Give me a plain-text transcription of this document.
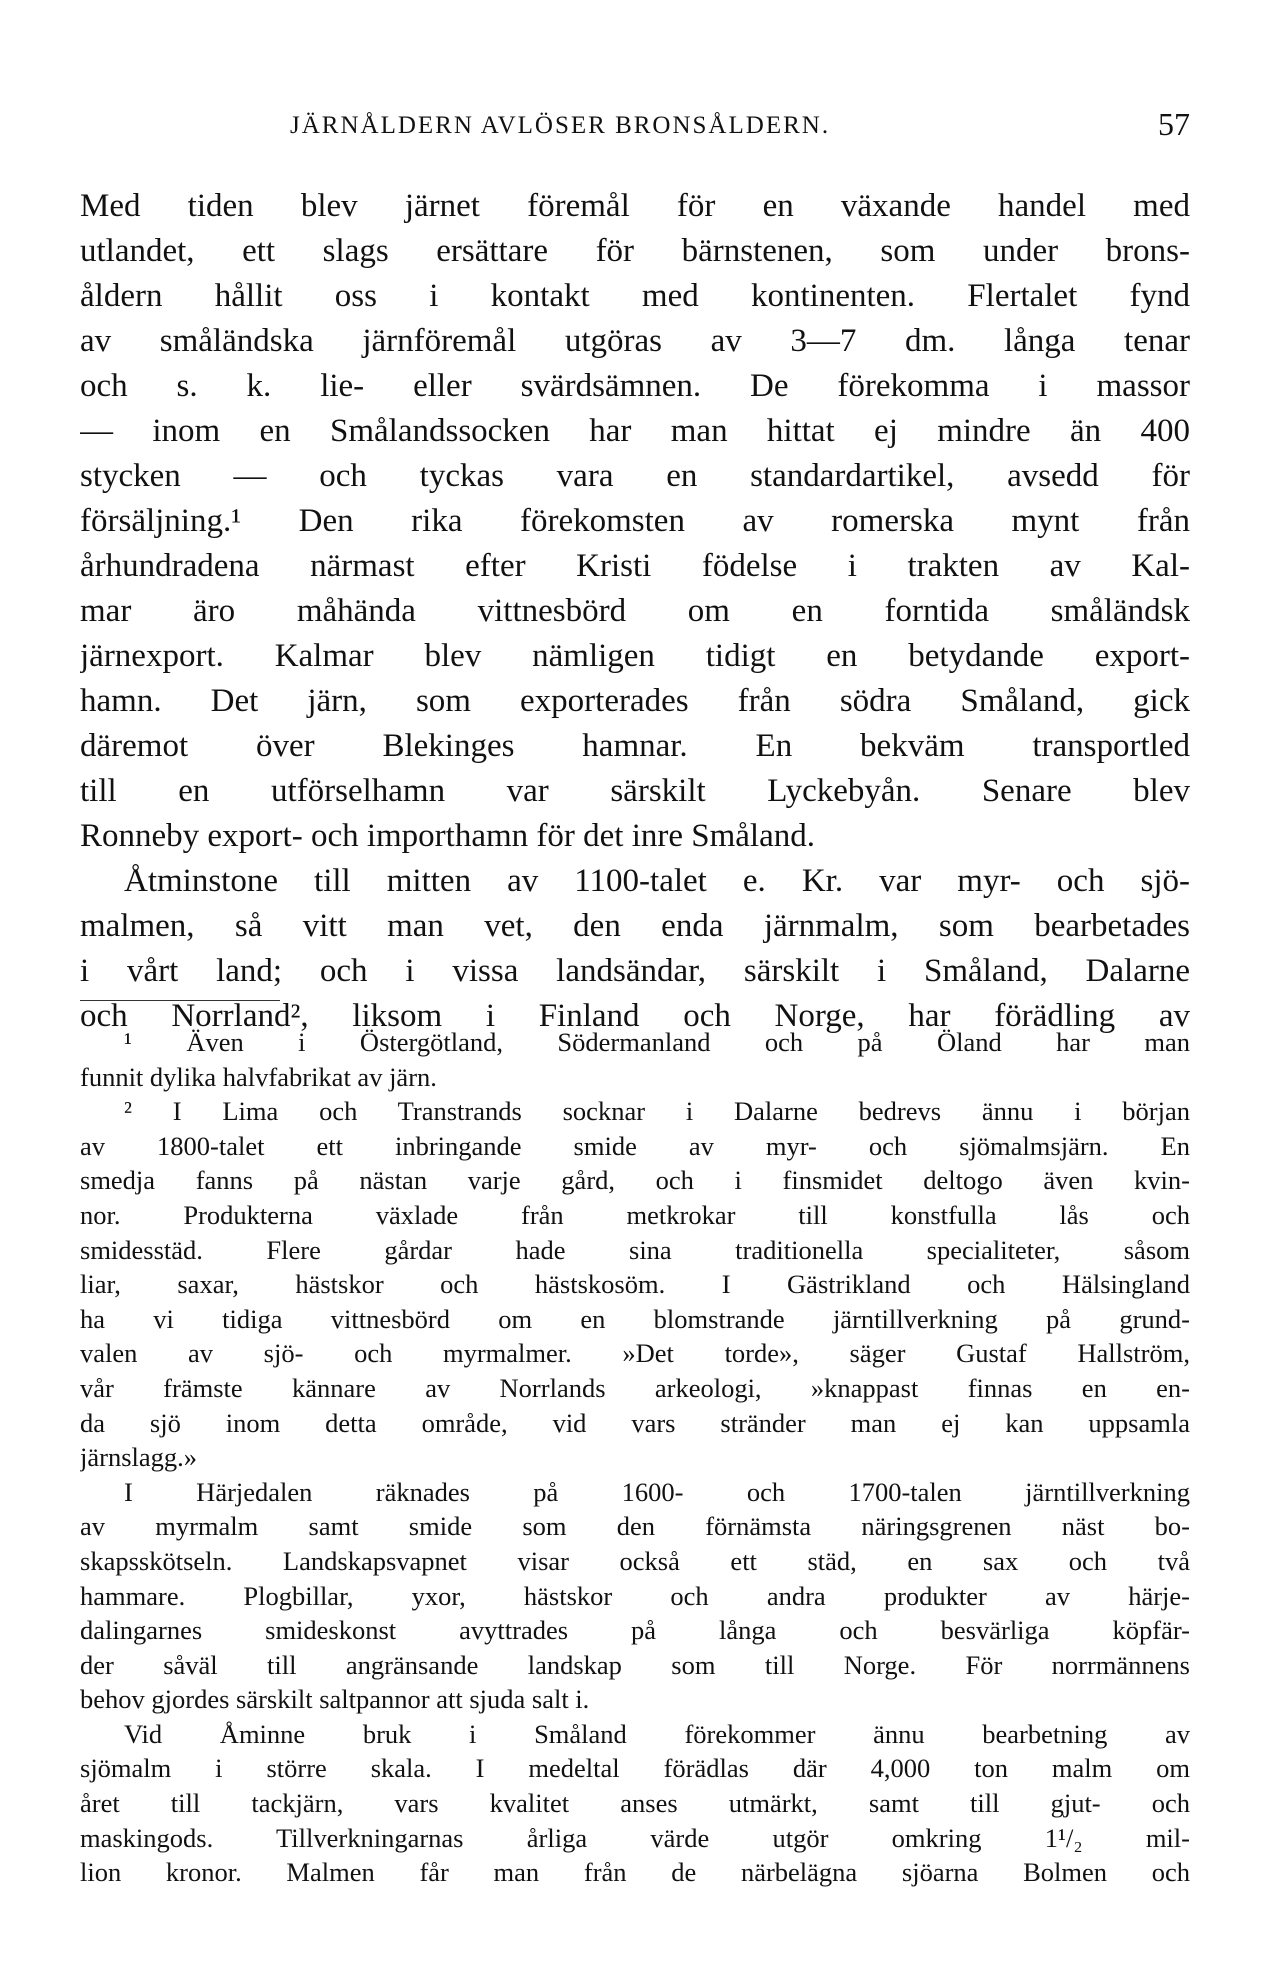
JÄRNÅLDERN AVLÖSER BRONSÅLDERN.	57
Med tiden blev järnet föremål för en växande handel med
utlandet, ett slags ersättare för bärnstenen, som under brons-
åldern hållit oss i kontakt med kontinenten. Flertalet fynd
av småländska järnföremål utgöras av 3—7 dm. långa tenar
och s. k. lie- eller svärdsämnen. De förekomma i massor
— inom en Smålandssocken har man hittat ej mindre än 400
stycken — och tyckas vara en standardartikel, avsedd för
försäljning.¹ Den rika förekomsten av romerska mynt från
århundradena närmast efter Kristi födelse i trakten av Kal-
mar äro måhända vittnesbörd om en forntida småländsk
järnexport. Kalmar blev nämligen tidigt en betydande export-
hamn. Det järn, som exporterades från södra Småland, gick
däremot över Blekinges hamnar. En bekväm transportled
till en utförselhamn var särskilt Lyckebyån. Senare blev
Ronneby export- och importhamn för det inre Småland.
Åtminstone till mitten av 1100-talet e. Kr. var myr- och sjö-
malmen, så vitt man vet, den enda järnmalm, som bearbetades
i vårt land; och i vissa landsändar, särskilt i Småland, Dalarne
och Norrland², liksom i Finland och Norge, har förädling av
¹ Även i Östergötland, Södermanland och på Öland har man
funnit dylika halvfabrikat av järn.
² I Lima och Transtrands socknar i Dalarne bedrevs ännu i början
av 1800-talet ett inbringande smide av myr- och sjömalmsjärn. En
smedja fanns på nästan varje gård, och i finsmidet deltogo även kvin-
nor. Produkterna växlade från metkrokar till konstfulla lås och
smidesstäd. Flere gårdar hade sina traditionella specialiteter, såsom
liar, saxar, hästskor och hästskosöm. I Gästrikland och Hälsingland
ha vi tidiga vittnesbörd om en blomstrande järntillverkning på grund-
valen av sjö- och myrmalmer. »Det torde», säger Gustaf Hallström,
vår främste kännare av Norrlands arkeologi, »knappast finnas en en-
da sjö inom detta område, vid vars stränder man ej kan uppsamla
järnslagg.»
I Härjedalen räknades på 1600- och 1700-talen järntillverkning
av myrmalm samt smide som den förnämsta näringsgrenen näst bo-
skapsskötseln. Landskapsvapnet visar också ett städ, en sax och två
hammare. Plogbillar, yxor, hästskor och andra produkter av härje-
dalingarnes smideskonst avyttrades på långa och besvärliga köpfär-
der såväl till angränsande landskap som till Norge. För norrmännens
behov gjordes särskilt saltpannor att sjuda salt i.
Vid Åminne bruk i Småland förekommer ännu bearbetning av
sjömalm i större skala. I medeltal förädlas där 4,000 ton malm om
året till tackjärn, vars kvalitet anses utmärkt, samt till gjut- och
maskingods. Tillverkningarnas årliga värde utgör omkring 1¹/₂ mil-
lion kronor. Malmen får man från de närbelägna sjöarna Bolmen och
